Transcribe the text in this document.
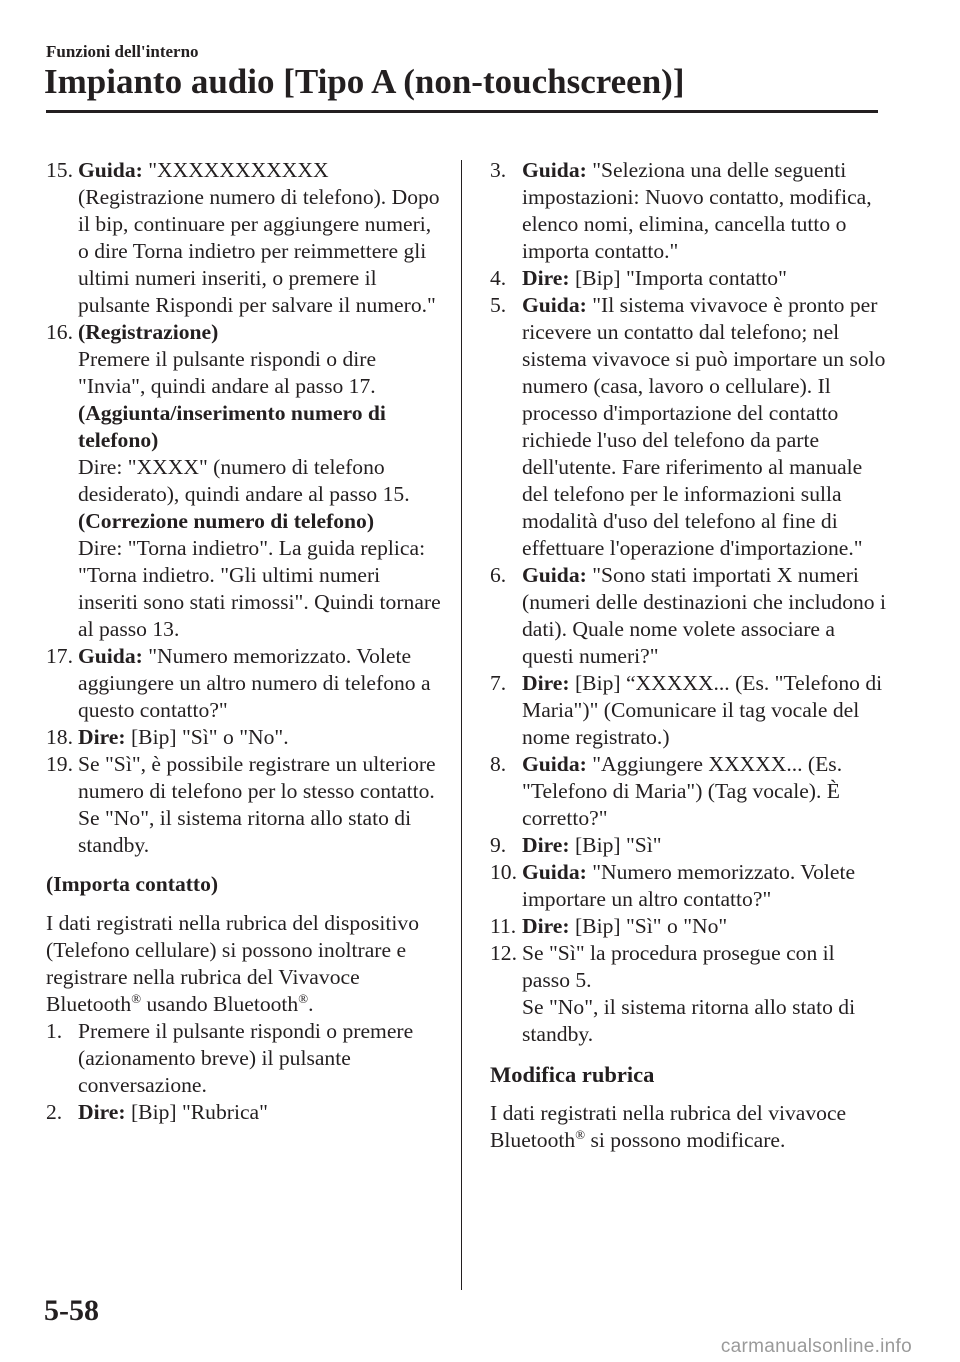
Funzioni dell'interno
Impianto audio [Tipo A (non-touchscreen)]
15. Guida: "XXXXXXXXXXX (Registrazione numero di telefono). Dopo il bip, continuare per aggiungere numeri, o dire Torna indietro per reimmettere gli ultimi numeri inseriti, o premere il pulsante Rispondi per salvare il numero."

16. (Registrazione)

Premere il pulsante rispondi o dire "Invia", quindi andare al passo 17.

(Aggiunta/inserimento numero di telefono)

Dire: "XXXX" (numero di telefono desiderato), quindi andare al passo 15.

(Correzione numero di telefono)

Dire: "Torna indietro". La guida replica: "Torna indietro. "Gli ultimi numeri inseriti sono stati rimossi". Quindi tornare al passo 13.

17. Guida: "Numero memorizzato. Volete aggiungere un altro numero di telefono a questo contatto?"

18. Dire: [Bip] "Sì" o "No".

19. Se "Sì", è possibile registrare un ulteriore numero di telefono per lo stesso contatto.

Se "No", il sistema ritorna allo stato di standby.

(Importa contatto)

I dati registrati nella rubrica del dispositivo (Telefono cellulare) si possono inoltrare e registrare nella rubrica del Vivavoce Bluetooth® usando Bluetooth®.

1. Premere il pulsante rispondi o premere (azionamento breve) il pulsante conversazione.

2. Dire: [Bip] "Rubrica"

3. Guida: "Seleziona una delle seguenti impostazioni: Nuovo contatto, modifica, elenco nomi, elimina, cancella tutto o importa contatto."

4. Dire: [Bip] "Importa contatto"

5. Guida: "Il sistema vivavoce è pronto per ricevere un contatto dal telefono; nel sistema vivavoce si può importare un solo numero (casa, lavoro o cellulare). Il processo d'importazione del contatto richiede l'uso del telefono da parte dell'utente. Fare riferimento al manuale del telefono per le informazioni sulla modalità d'uso del telefono al fine di effettuare l'operazione d'importazione."

6. Guida: "Sono stati importati X numeri (numeri delle destinazioni che includono i dati). Quale nome volete associare a questi numeri?"

7. Dire: [Bip] “XXXXX... (Es. "Telefono di Maria")" (Comunicare il tag vocale del nome registrato.)

8. Guida: "Aggiungere XXXXX... (Es. "Telefono di Maria") (Tag vocale). È corretto?"

9. Dire: [Bip] "Sì"

10. Guida: "Numero memorizzato. Volete importare un altro contatto?"

11. Dire: [Bip] "Sì" o "No"

12. Se "Sì" la procedura prosegue con il passo 5.

Se "No", il sistema ritorna allo stato di standby.

Modifica rubrica

I dati registrati nella rubrica del vivavoce Bluetooth® si possono modificare.

5-58
carmanualsonline.info
